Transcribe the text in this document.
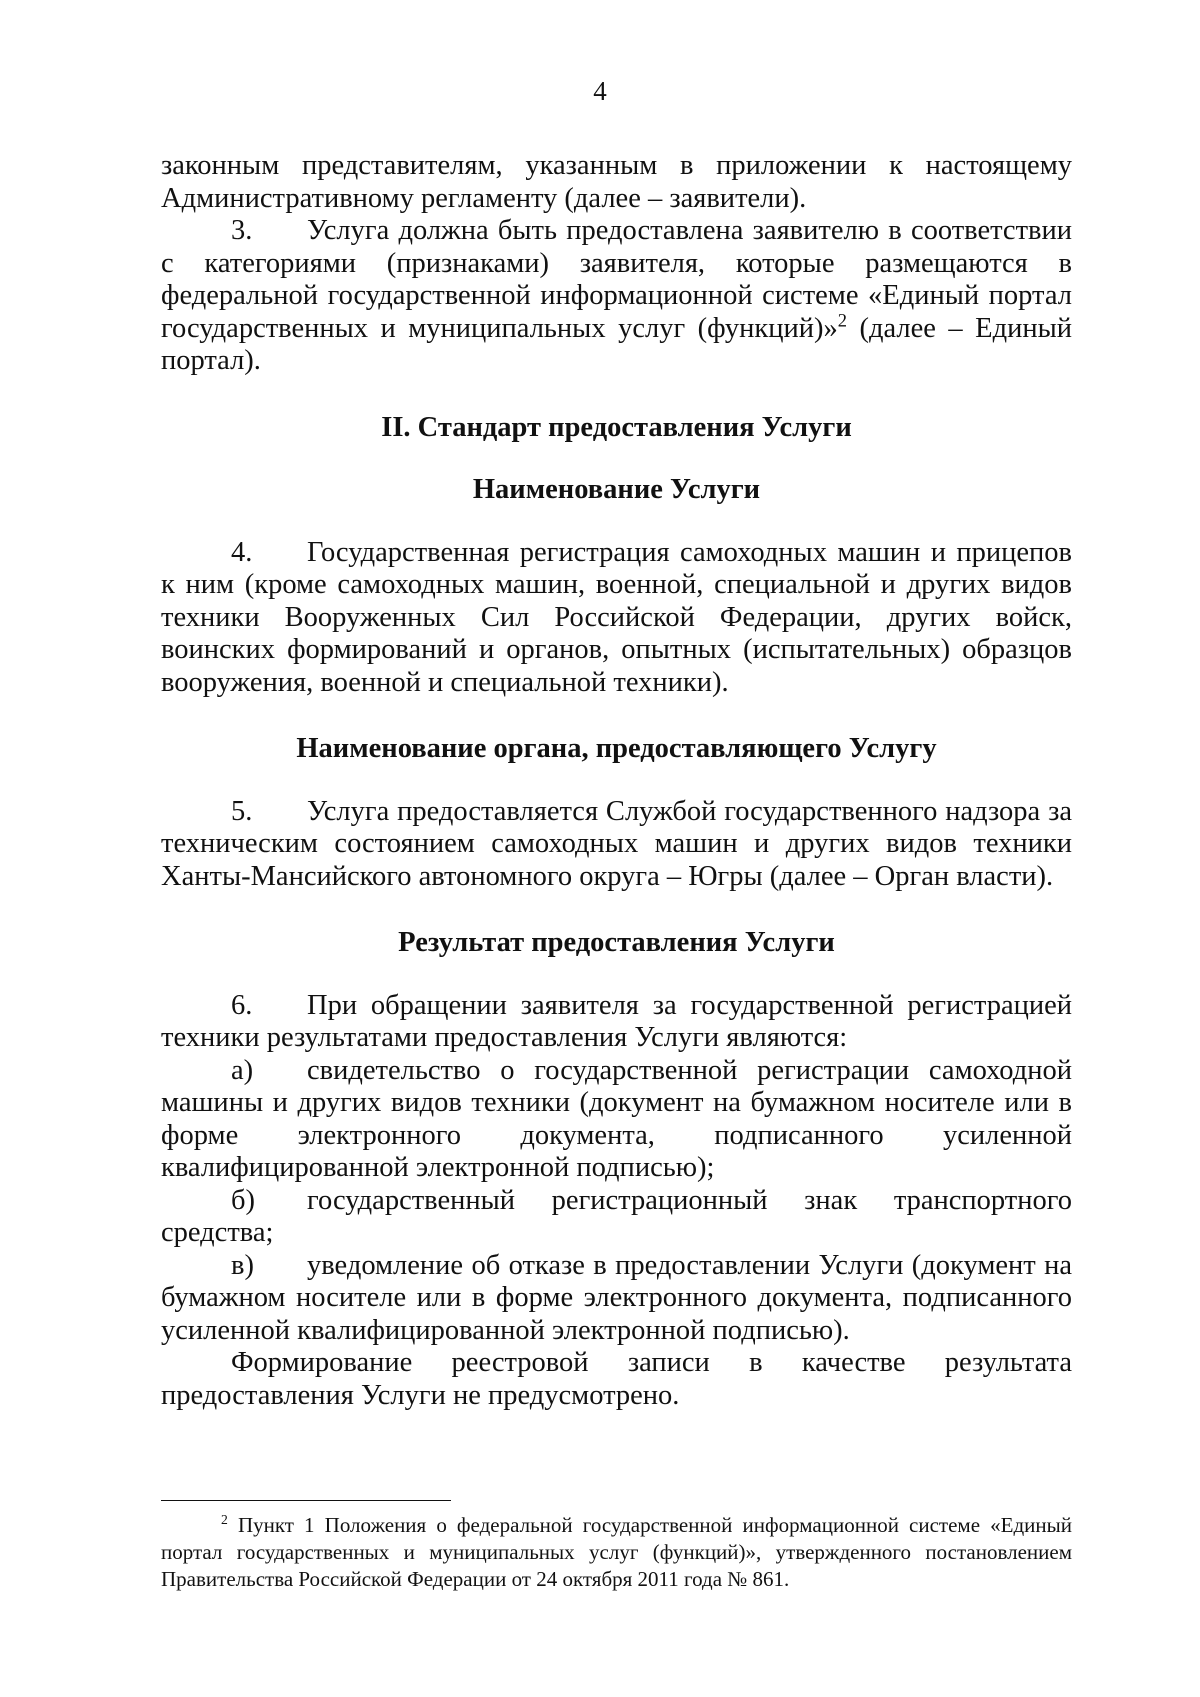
4

законным представителям, указанным в приложении к настоящему Административному регламенту (далее – заявители).

3. Услуга должна быть предоставлена заявителю в соответствии с категориями (признаками) заявителя, которые размещаются в федеральной государственной информационной системе «Единый портал государственных и муниципальных услуг (функций)»$^2$ (далее – Единый портал).

II. Стандарт предоставления Услуги

Наименование Услуги

4. Государственная регистрация самоходных машин и прицепов к ним (кроме самоходных машин, военной, специальной и других видов техники Вооруженных Сил Российской Федерации, других войск, воинских формирований и органов, опытных (испытательных) образцов вооружения, военной и специальной техники).

Наименование органа, предоставляющего Услугу

5. Услуга предоставляется Службой государственного надзора за техническим состоянием самоходных машин и других видов техники Ханты-Мансийского автономного округа – Югры (далее – Орган власти).

Результат предоставления Услуги

6. При обращении заявителя за государственной регистрацией техники результатами предоставления Услуги являются:

а) свидетельство о государственной регистрации самоходной машины и других видов техники (документ на бумажном носителе или в форме электронного документа, подписанного усиленной квалифицированной электронной подписью);

б) государственный регистрационный знак транспортного средства;

в) уведомление об отказе в предоставлении Услуги (документ на бумажном носителе или в форме электронного документа, подписанного усиленной квалифицированной электронной подписью).

Формирование реестровой записи в качестве результата предоставления Услуги не предусмотрено.

$^2$ Пункт 1 Положения о федеральной государственной информационной системе «Единый портал государственных и муниципальных услуг (функций)», утвержденного постановлением Правительства Российской Федерации от 24 октября 2011 года № 861.
